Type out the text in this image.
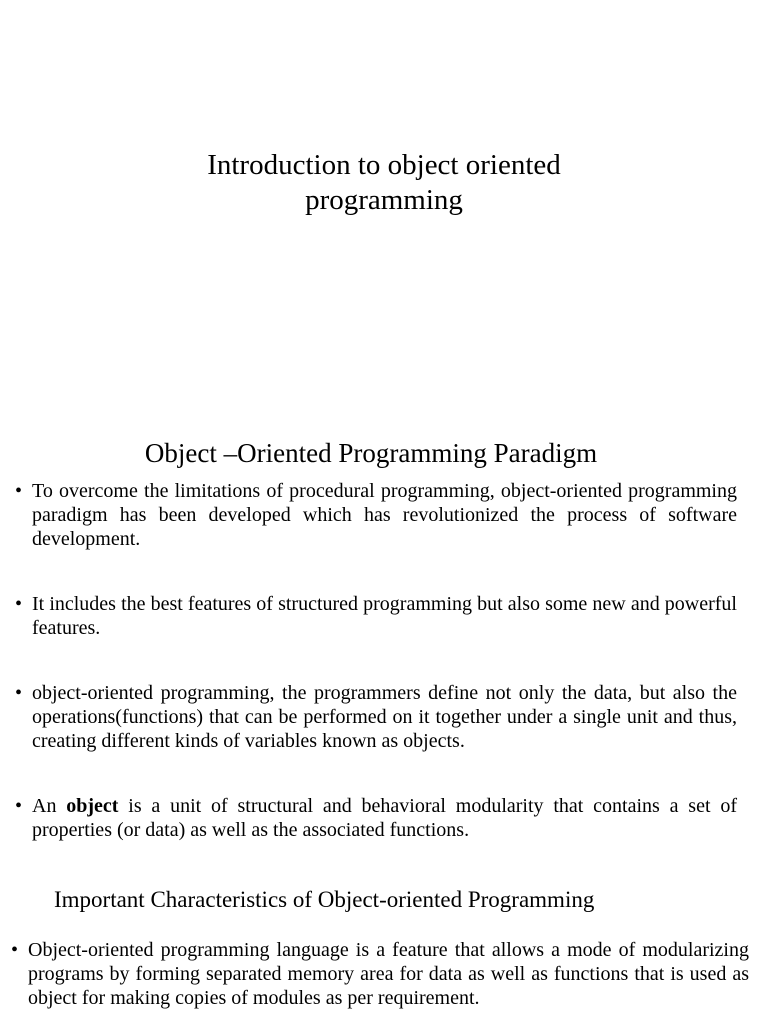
Introduction to object oriented
programming
Object –Oriented Programming Paradigm
• To overcome the limitations of procedural programming, object-oriented programming paradigm has been developed which has revolutionized the process of software development.
• It includes the best features of structured programming but also some new and powerful features.
• object-oriented programming, the programmers define not only the data, but also the operations(functions) that can be performed on it together under a single unit and thus, creating different kinds of variables known as objects.
• An object is a unit of structural and behavioral modularity that contains a set of properties (or data) as well as the associated functions.
Important Characteristics of Object-oriented Programming
• Object-oriented programming language is a feature that allows a mode of modularizing programs by forming separated memory area for data as well as functions that is used as object for making copies of modules as per requirement.
